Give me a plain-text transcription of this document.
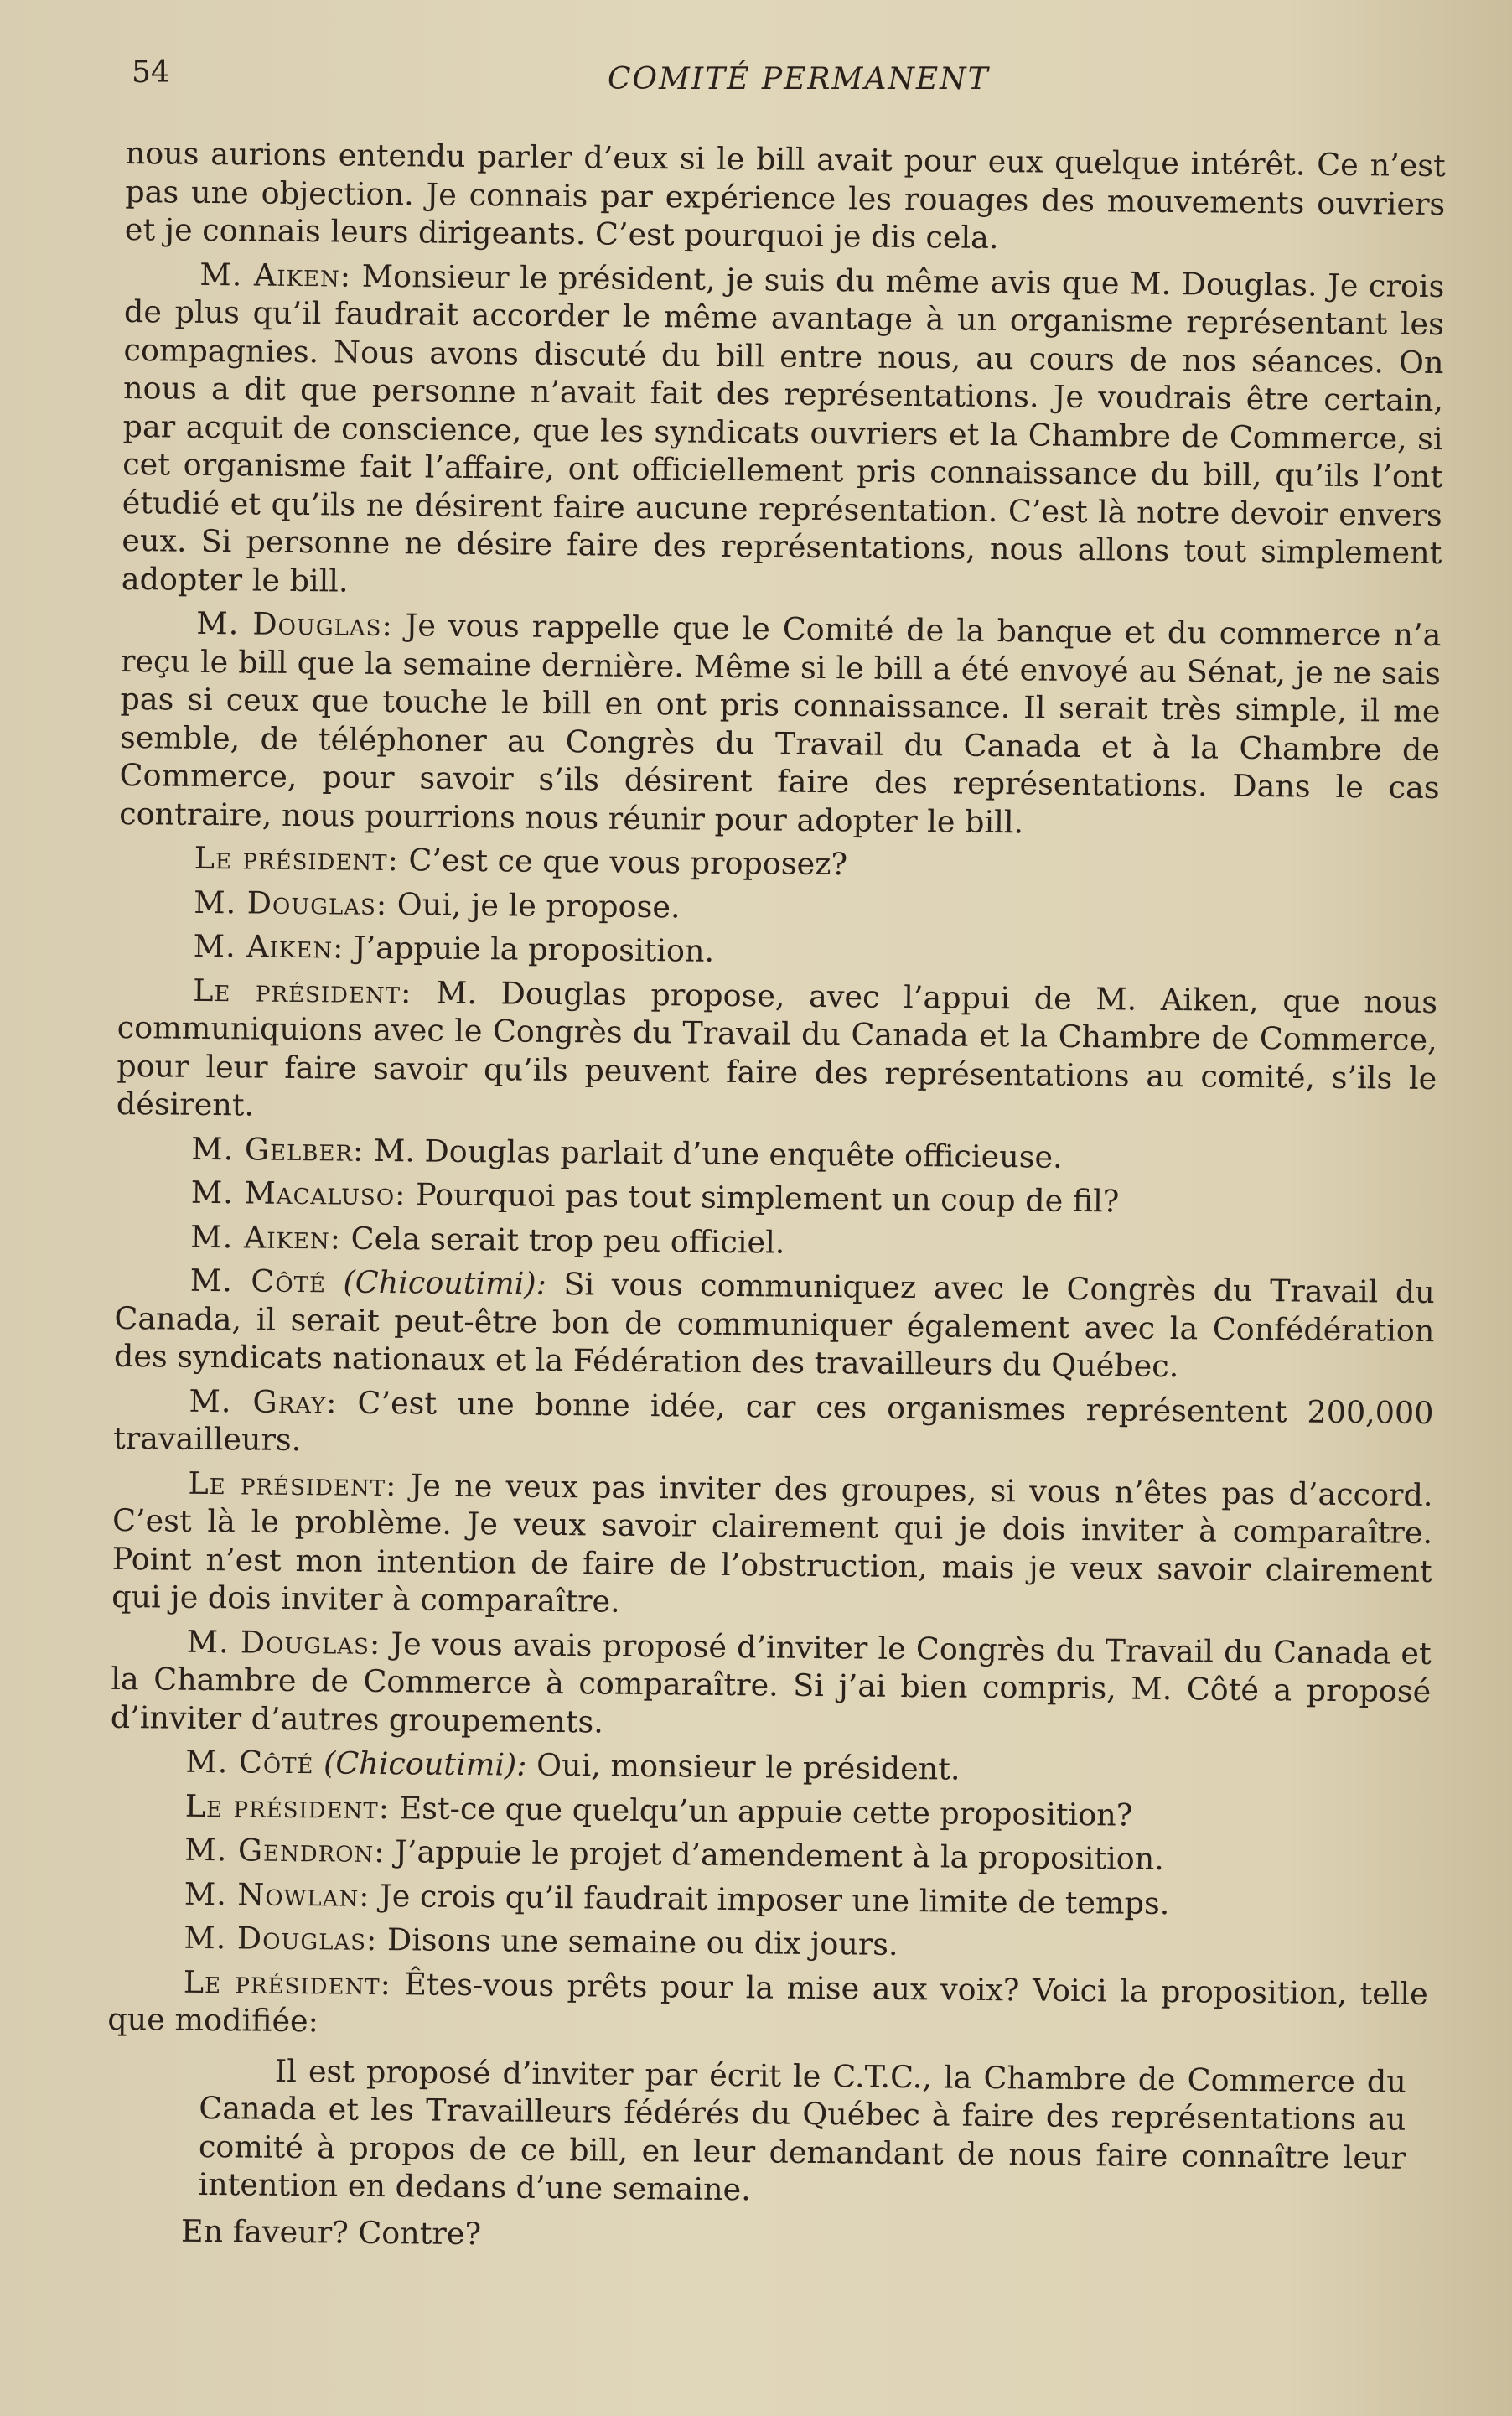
54	COMITÉ PERMANENT

nous aurions entendu parler d’eux si le bill avait pour eux quelque intérêt. Ce n’est pas une objection. Je connais par expérience les rouages des mouvements ouvriers et je connais leurs dirigeants. C’est pourquoi je dis cela.

M. Aiken: Monsieur le président, je suis du même avis que M. Douglas. Je crois de plus qu’il faudrait accorder le même avantage à un organisme représentant les compagnies. Nous avons discuté du bill entre nous, au cours de nos séances. On nous a dit que personne n’avait fait des représentations. Je voudrais être certain, par acquit de conscience, que les syndicats ouvriers et la Chambre de Commerce, si cet organisme fait l’affaire, ont officiellement pris connaissance du bill, qu’ils l’ont étudié et qu’ils ne désirent faire aucune représentation. C’est là notre devoir envers eux. Si personne ne désire faire des représentations, nous allons tout simplement adopter le bill.

M. Douglas: Je vous rappelle que le Comité de la banque et du commerce n’a reçu le bill que la semaine dernière. Même si le bill a été envoyé au Sénat, je ne sais pas si ceux que touche le bill en ont pris connaissance. Il serait très simple, il me semble, de téléphoner au Congrès du Travail du Canada et à la Chambre de Commerce, pour savoir s’ils désirent faire des représentations. Dans le cas contraire, nous pourrions nous réunir pour adopter le bill.

Le président: C’est ce que vous proposez?

M. Douglas: Oui, je le propose.

M. Aiken: J’appuie la proposition.

Le président: M. Douglas propose, avec l’appui de M. Aiken, que nous communiquions avec le Congrès du Travail du Canada et la Chambre de Commerce, pour leur faire savoir qu’ils peuvent faire des représentations au comité, s’ils le désirent.

M. Gelber: M. Douglas parlait d’une enquête officieuse.

M. Macaluso: Pourquoi pas tout simplement un coup de fil?

M. Aiken: Cela serait trop peu officiel.

M. Côté (Chicoutimi): Si vous communiquez avec le Congrès du Travail du Canada, il serait peut-être bon de communiquer également avec la Confédération des syndicats nationaux et la Fédération des travailleurs du Québec.

M. Gray: C’est une bonne idée, car ces organismes représentent 200,000 travailleurs.

Le président: Je ne veux pas inviter des groupes, si vous n’êtes pas d’accord. C’est là le problème. Je veux savoir clairement qui je dois inviter à comparaître. Point n’est mon intention de faire de l’obstruction, mais je veux savoir clairement qui je dois inviter à comparaître.

M. Douglas: Je vous avais proposé d’inviter le Congrès du Travail du Canada et la Chambre de Commerce à comparaître. Si j’ai bien compris, M. Côté a proposé d’inviter d’autres groupements.

M. Côté (Chicoutimi): Oui, monsieur le président.

Le président: Est-ce que quelqu’un appuie cette proposition?

M. Gendron: J’appuie le projet d’amendement à la proposition.

M. Nowlan: Je crois qu’il faudrait imposer une limite de temps.

M. Douglas: Disons une semaine ou dix jours.

Le président: Êtes-vous prêts pour la mise aux voix? Voici la proposition, telle que modifiée:

Il est proposé d’inviter par écrit le C.T.C., la Chambre de Commerce du Canada et les Travailleurs fédérés du Québec à faire des représentations au comité à propos de ce bill, en leur demandant de nous faire connaître leur intention en dedans d’une semaine.

En faveur? Contre?
